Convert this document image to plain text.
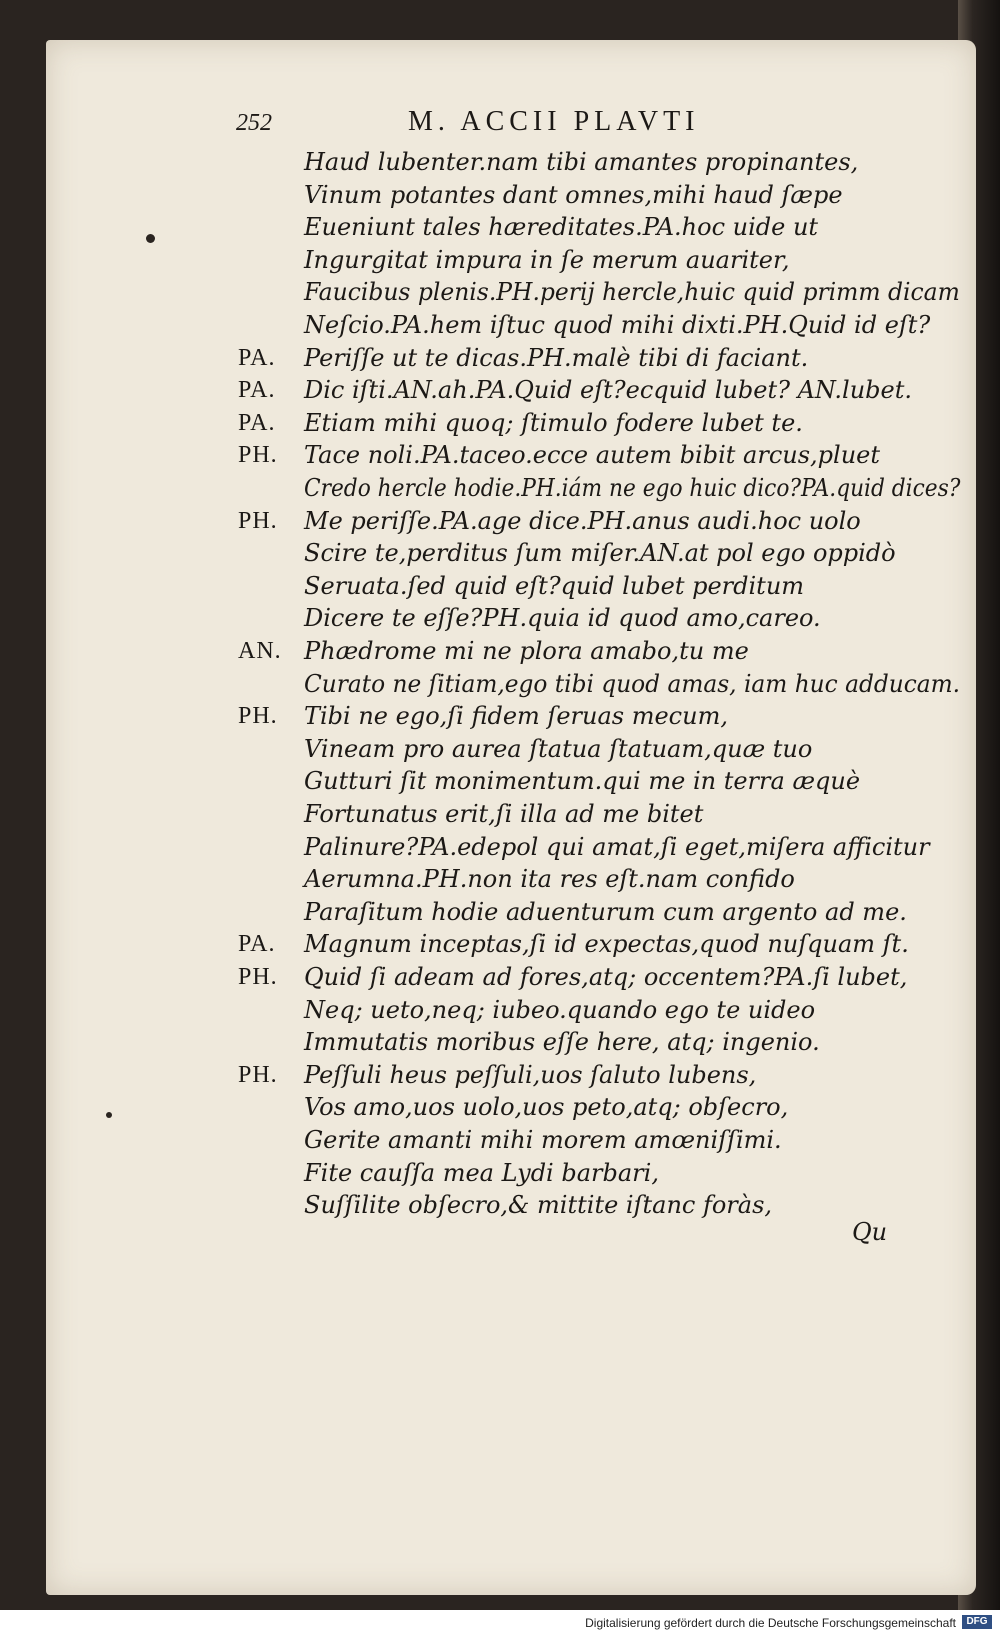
252	M. ACCII PLAVTI
Haud lubenter.nam tibi amantes propinantes,
Vinum potantes dant omnes,mihi haud ſæpe
Eueniunt tales hæreditates.PA.hoc uide ut
Ingurgitat impura in ſe merum auariter,
Faucibus plenis.PH.perij hercle,huic quid primm dicam
Neſcio.PA.hem iſtuc quod mihi dixti.PH.Quid id eſt?
PA. Periſſe ut te dicas.PH.malè tibi di faciant.
PA. Dic iſti.AN.ah.PA.Quid eſt?ecquid lubet? AN.lubet.
PA. Etiam mihi quoq; ſtimulo fodere lubet te.
PH. Tace noli.PA.taceo.ecce autem bibit arcus,pluet
Credo hercle hodie.PH.iám ne ego huic dico?PA.quid dices?
PH. Me periſſe.PA.age dice.PH.anus audi.hoc uolo
Scire te,perditus ſum miſer.AN.at pol ego oppidò
Seruata.ſed quid eſt?quid lubet perditum
Dicere te eſſe?PH.quia id quod amo,careo.
AN. Phædrome mi ne plora amabo,tu me
Curato ne ſitiam,ego tibi quod amas, iam huc adducam.
PH. Tibi ne ego,ſi fidem ſeruas mecum,
Vineam pro aurea ſtatua ſtatuam,quæ tuo
Gutturi ſit monimentum.qui me in terra æquè
Fortunatus erit,ſi illa ad me bitet
Palinure?PA.edepol qui amat,ſi eget,miſera afficitur
Aerumna.PH.non ita res eſt.nam confido
Paraſitum hodie aduenturum cum argento ad me.
PA. Magnum inceptas,ſi id expectas,quod nuſquam ſt.
PH. Quid ſi adeam ad fores,atq; occentem?PA.ſi lubet,
Neq; ueto,neq; iubeo.quando ego te uideo
Immutatis moribus eſſe here, atq; ingenio.
PH. Peſſuli heus peſſuli,uos ſaluto lubens,
Vos amo,uos uolo,uos peto,atq; obſecro,
Gerite amanti mihi morem amœniſſimi.
Fite cauſſa mea Lydi barbari,
Suſſilite obſecro,& mittite iſtanc foràs,
Qu
Digitalisierung gefördert durch die Deutsche Forschungsgemeinschaft	DFG
